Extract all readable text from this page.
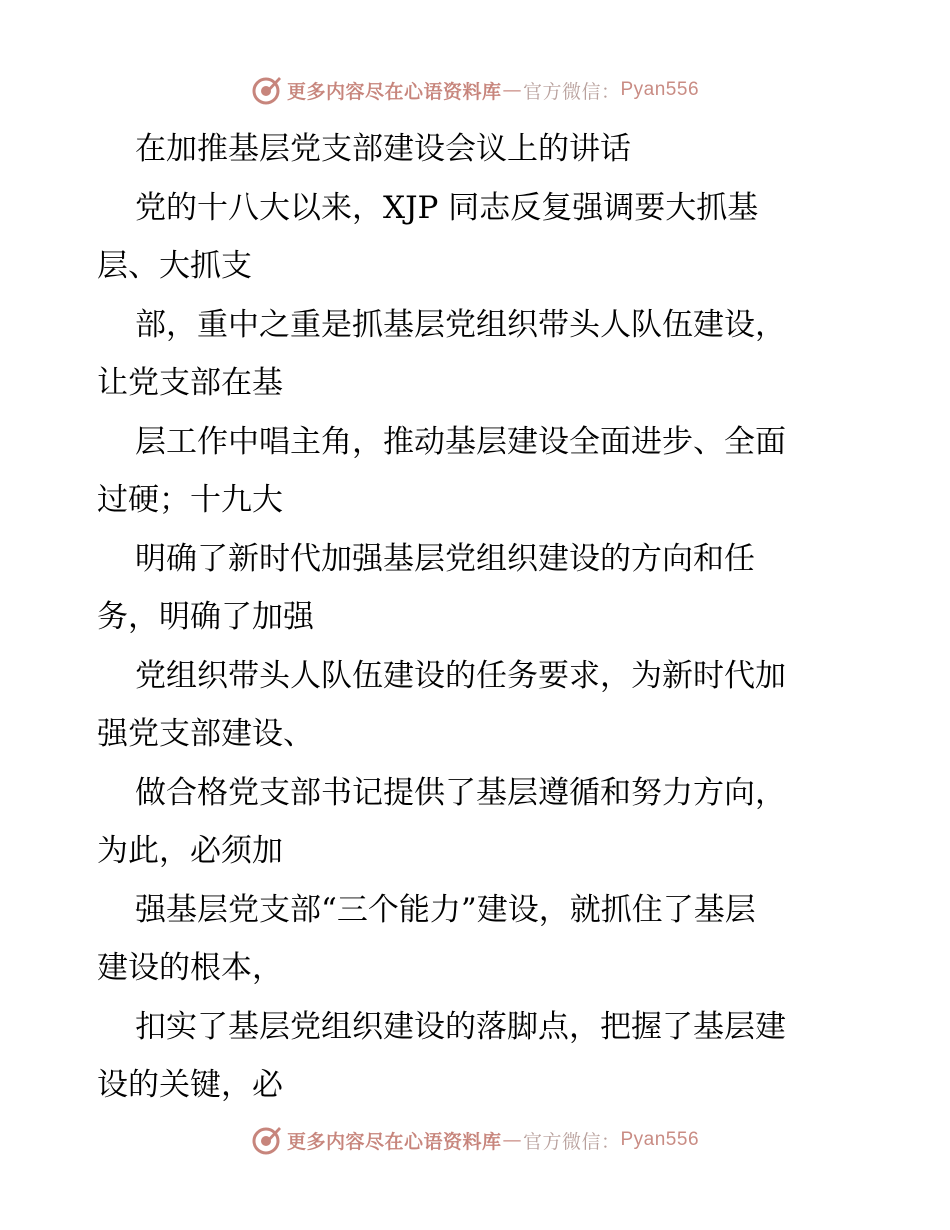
更多内容尽在心语资料库 — 官方微信： Pyan556
在加推基层党支部建设会议上的讲话
党的十八大以来，XJP 同志反复强调要大抓基
层、大抓支
部，重中之重是抓基层党组织带头人队伍建设，
让党支部在基
层工作中唱主角，推动基层建设全面进步、全面
过硬；十九大
明确了新时代加强基层党组织建设的方向和任
务，明确了加强
党组织带头人队伍建设的任务要求，为新时代加
强党支部建设、
做合格党支部书记提供了基层遵循和努力方向，
为此，必须加
强基层党支部“三个能力”建设，就抓住了基层
建设的根本，
扣实了基层党组织建设的落脚点，把握了基层建
设的关键，必
更多内容尽在心语资料库 — 官方微信： Pyan556
